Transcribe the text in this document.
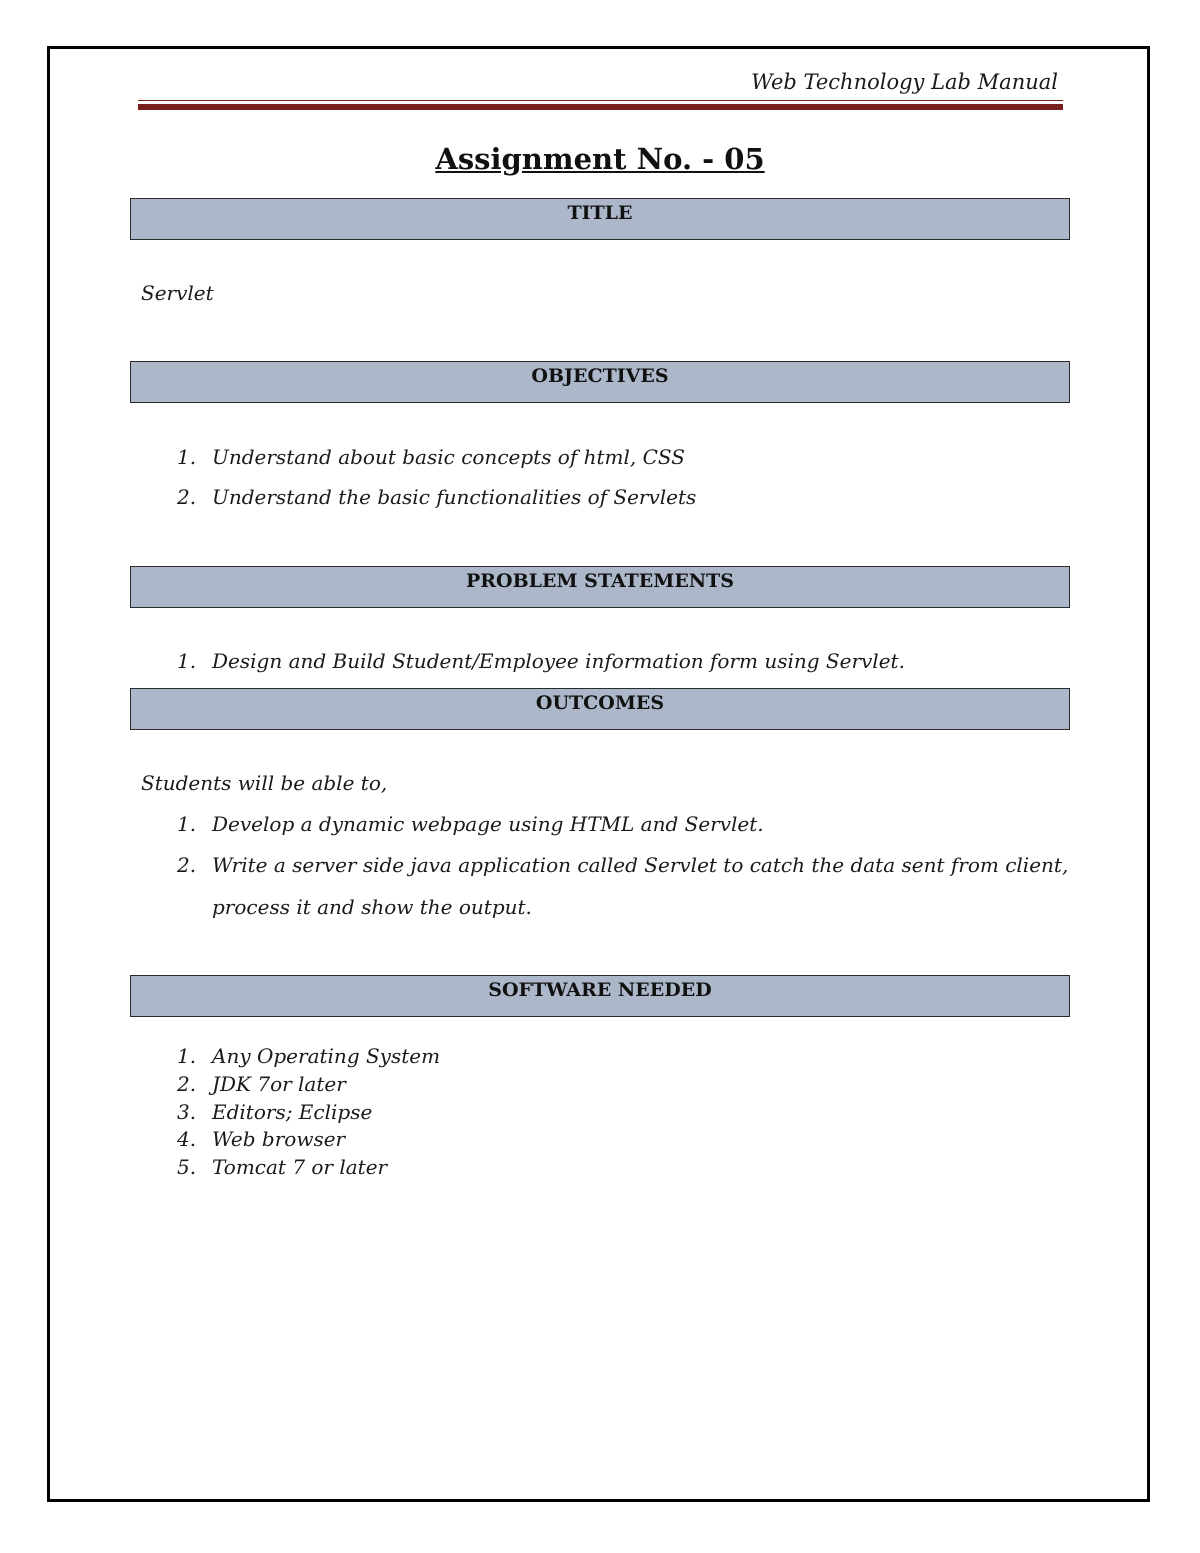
Web Technology Lab Manual
Assignment No. - 05
TITLE
Servlet
OBJECTIVES
1. Understand about basic concepts of html, CSS
2. Understand the basic functionalities of Servlets
PROBLEM STATEMENTS
1. Design and Build Student/Employee information form using Servlet.
OUTCOMES
Students will be able to,
1. Develop a dynamic webpage using HTML and Servlet.
2. Write a server side java application called Servlet to catch the data sent from client,
process it and show the output.
SOFTWARE NEEDED
1. Any Operating System
2. JDK 7or later
3. Editors; Eclipse
4. Web browser
5. Tomcat 7 or later
